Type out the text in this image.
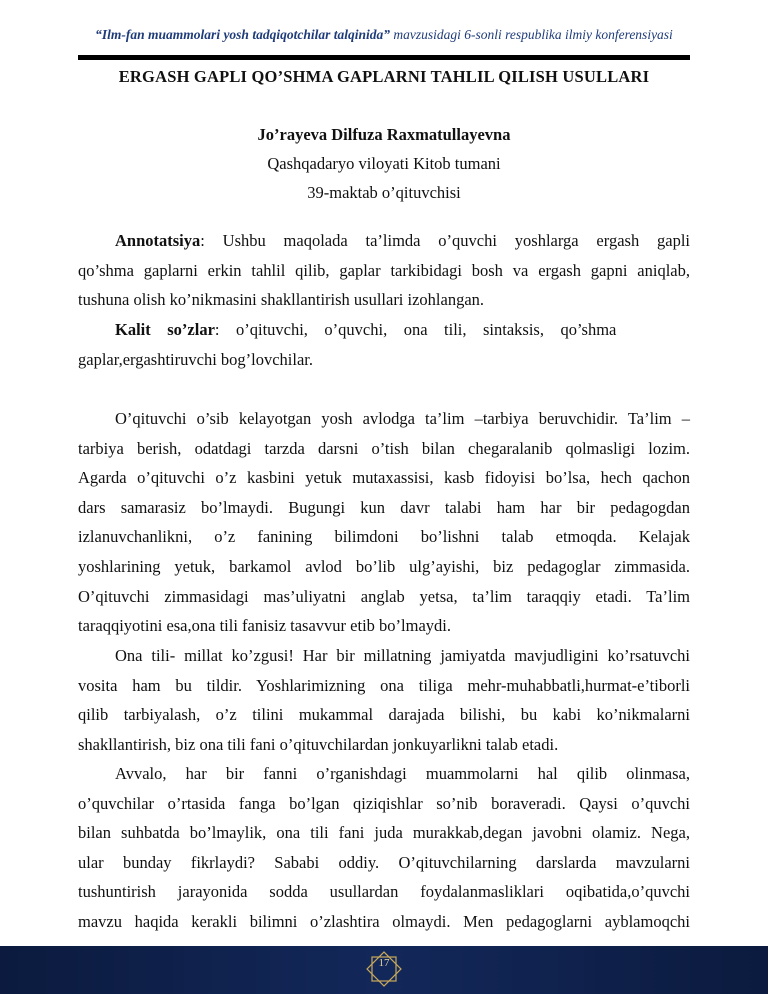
“Ilm-fan muammolari yosh tadqiqotchilar talqinida” mavzusidagi 6-sonli respublika ilmiy konferensiyasi
ERGASH GAPLI QO’SHMA GAPLARNI TAHLIL QILISH USULLARI
Jo’rayeva Dilfuza Raxmatullayevna
Qashqadaryo viloyati Kitob tumani
39-maktab o’qituvchisi
Annotatsiya: Ushbu maqolada ta’limda o’quvchi yoshlarga ergash gapli
qo’shma gaplarni erkin tahlil qilib, gaplar tarkibidagi bosh va ergash gapni aniqlab,
tushuna olish ko’nikmasini shakllantirish usullari izohlangan.
Kalit    so’zlar:    o’qituvchi,    o’quvchi,    ona    tili,    sintaksis,    qo’shma
gaplar,ergashtiruvchi bog’lovchilar.
O’qituvchi o’sib kelayotgan yosh avlodga ta’lim –tarbiya beruvchidir. Ta’lim –
tarbiya berish, odatdagi tarzda darsni o’tish bilan chegaralanib qolmasligi lozim.
Agarda o’qituvchi o’z kasbini yetuk mutaxassisi, kasb fidoyisi bo’lsa, hech qachon
dars samarasiz bo’lmaydi. Bugungi kun davr talabi ham har bir pedagogdan
izlanuvchanlikni, o’z fanining bilimdoni bo’lishni talab etmoqda. Kelajak
yoshlarining yetuk, barkamol avlod bo’lib ulg’ayishi, biz pedagoglar zimmasida.
O’qituvchi zimmasidagi mas’uliyatni anglab yetsa, ta’lim taraqqiy etadi. Ta’lim
taraqqiyotini esa,ona tili fanisiz tasavvur etib bo’lmaydi.
Ona tili- millat ko’zgusi! Har bir millatning jamiyatda mavjudligini ko’rsatuvchi
vosita ham bu tildir. Yoshlarimizning ona tiliga mehr-muhabbatli,hurmat-e’tiborli
qilib tarbiyalash, o’z tilini mukammal darajada bilishi, bu kabi ko’nikmalarni
shakllantirish, biz ona tili fani o’qituvchilardan jonkuyarlikni talab etadi.
Avvalo, har bir fanni o’rganishdagi muammolarni hal qilib olinmasa,
o’quvchilar o’rtasida fanga bo’lgan qiziqishlar so’nib boraveradi. Qaysi o’quvchi
bilan suhbatda bo’lmaylik, ona tili fani juda murakkab,degan javobni olamiz. Nega,
ular bunday fikrlaydi? Sababi oddiy. O’qituvchilarning darslarda mavzularni
tushuntirish jarayonida sodda usullardan foydalanmasliklari oqibatida,o’quvchi
mavzu haqida kerakli bilimni o’zlashtira olmaydi. Men pedagoglarni ayblamoqchi
17
